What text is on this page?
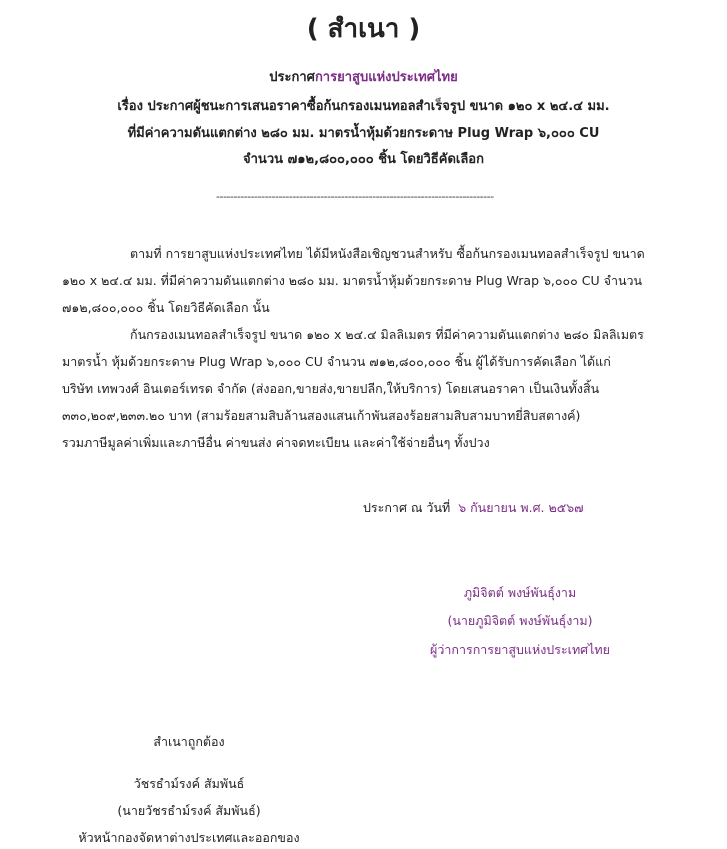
( สำเนา )
ประกาศการยาสูบแห่งประเทศไทย
เรื่อง ประกาศผู้ชนะการเสนอราคาซื้อก้นกรองเมนทอลสำเร็จรูป ขนาด ๑๒๐ x ๒๔.๔ มม.
ที่มีค่าความดันแตกต่าง ๒๘๐ มม. มาตรน้ำหุ้มด้วยกระดาษ Plug Wrap ๖,๐๐๐ CU
จำนวน ๗๑๒,๘๐๐,๐๐๐ ชิ้น โดยวิธีคัดเลือก
--------------------------------------------------------------------------------
ตามที่ การยาสูบแห่งประเทศไทย ได้มีหนังสือเชิญชวนสำหรับ ซื้อก้นกรองเมนทอลสำเร็จรูป ขนาด
๑๒๐ x ๒๔.๔ มม. ที่มีค่าความดันแตกต่าง ๒๘๐ มม. มาตรน้ำหุ้มด้วยกระดาษ Plug Wrap ๖,๐๐๐ CU จำนวน
๗๑๒,๘๐๐,๐๐๐ ชิ้น โดยวิธีคัดเลือก นั้น
ก้นกรองเมนทอลสำเร็จรูป ขนาด ๑๒๐ x ๒๔.๔ มิลลิเมตร ที่มีค่าความดันแตกต่าง ๒๘๐ มิลลิเมตร
มาตรน้ำ หุ้มด้วยกระดาษ Plug Wrap ๖,๐๐๐ CU จำนวน ๗๑๒,๘๐๐,๐๐๐ ชิ้น ผู้ได้รับการคัดเลือก ได้แก่
บริษัท เทพวงศ์ อินเตอร์เทรด จำกัด (ส่งออก,ขายส่ง,ขายปลีก,ให้บริการ) โดยเสนอราคา เป็นเงินทั้งสิ้น
๓๓๐,๒๐๙,๒๓๓.๒๐ บาท (สามร้อยสามสิบล้านสองแสนเก้าพันสองร้อยสามสิบสามบาทยี่สิบสตางค์)
รวมภาษีมูลค่าเพิ่มและภาษีอื่น ค่าขนส่ง ค่าจดทะเบียน และค่าใช้จ่ายอื่นๆ ทั้งปวง
ประกาศ ณ วันที่ ๖ กันยายน พ.ศ. ๒๕๖๗
ภูมิจิตต์ พงษ์พันธุ์งาม
(นายภูมิจิตต์ พงษ์พันธุ์งาม)
ผู้ว่าการการยาสูบแห่งประเทศไทย
สำเนาถูกต้อง
วัชรธำม์รงค์ สัมพันธ์
(นายวัชรธำม์รงค์ สัมพันธ์)
หัวหน้ากองจัดหาต่างประเทศและออกของ
